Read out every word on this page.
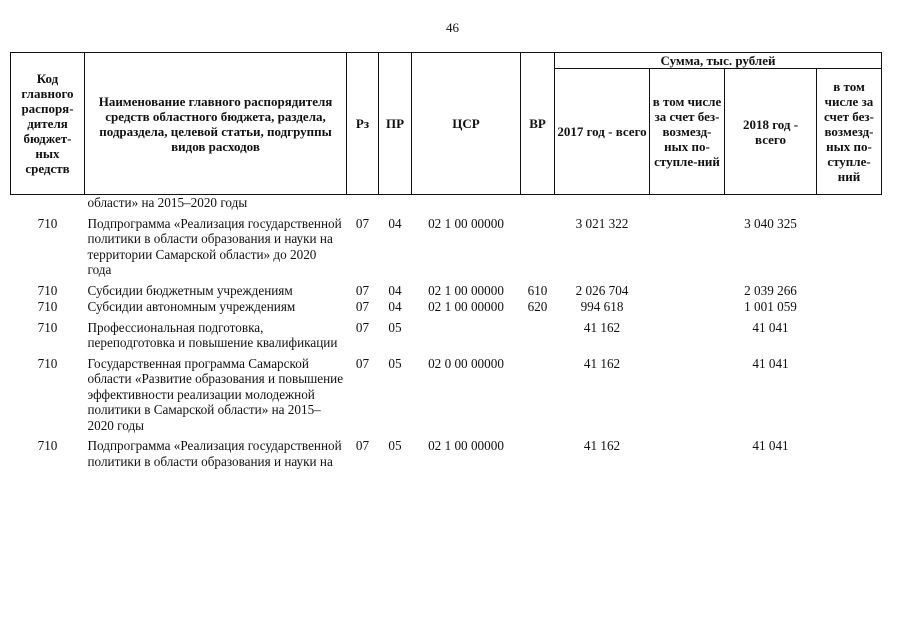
46
Код главного распоря-дителя бюджет-ных средств	Наименование главного распорядителя средств областного бюджета, раздела, подраздела, целевой статьи, подгруппы видов расходов	Рз	ПР	ЦСР	ВР	Сумма, тыс. рублей			
						2017 год - всего	в том числе за счет без-возмезд-ных по-ступле-ний	2018 год - всего	в том числе за счет без-возмезд-ных по-ступле-ний
	области» на 2015–2020 годы								
710	Подпрограмма «Реализация государственной политики в области образования и науки на территории Самарской области» до 2020 года	07	04	02 1 00 00000		3 021 322		3 040 325	
710	Субсидии бюджетным учреждениям	07	04	02 1 00 00000	610	2 026 704		2 039 266	
710	Субсидии автономным учреждениям	07	04	02 1 00 00000	620	994 618		1 001 059	
710	Профессиональная подготовка, переподготовка и повышение квалификации	07	05			41 162		41 041	
710	Государственная программа Самарской области «Развитие образования и повышение эффективности реализации молодежной политики в Самарской области» на 2015–2020 годы	07	05	02 0 00 00000		41 162		41 041	
710	Подпрограмма «Реализация государственной политики в области образования и науки на	07	05	02 1 00 00000		41 162		41 041	
